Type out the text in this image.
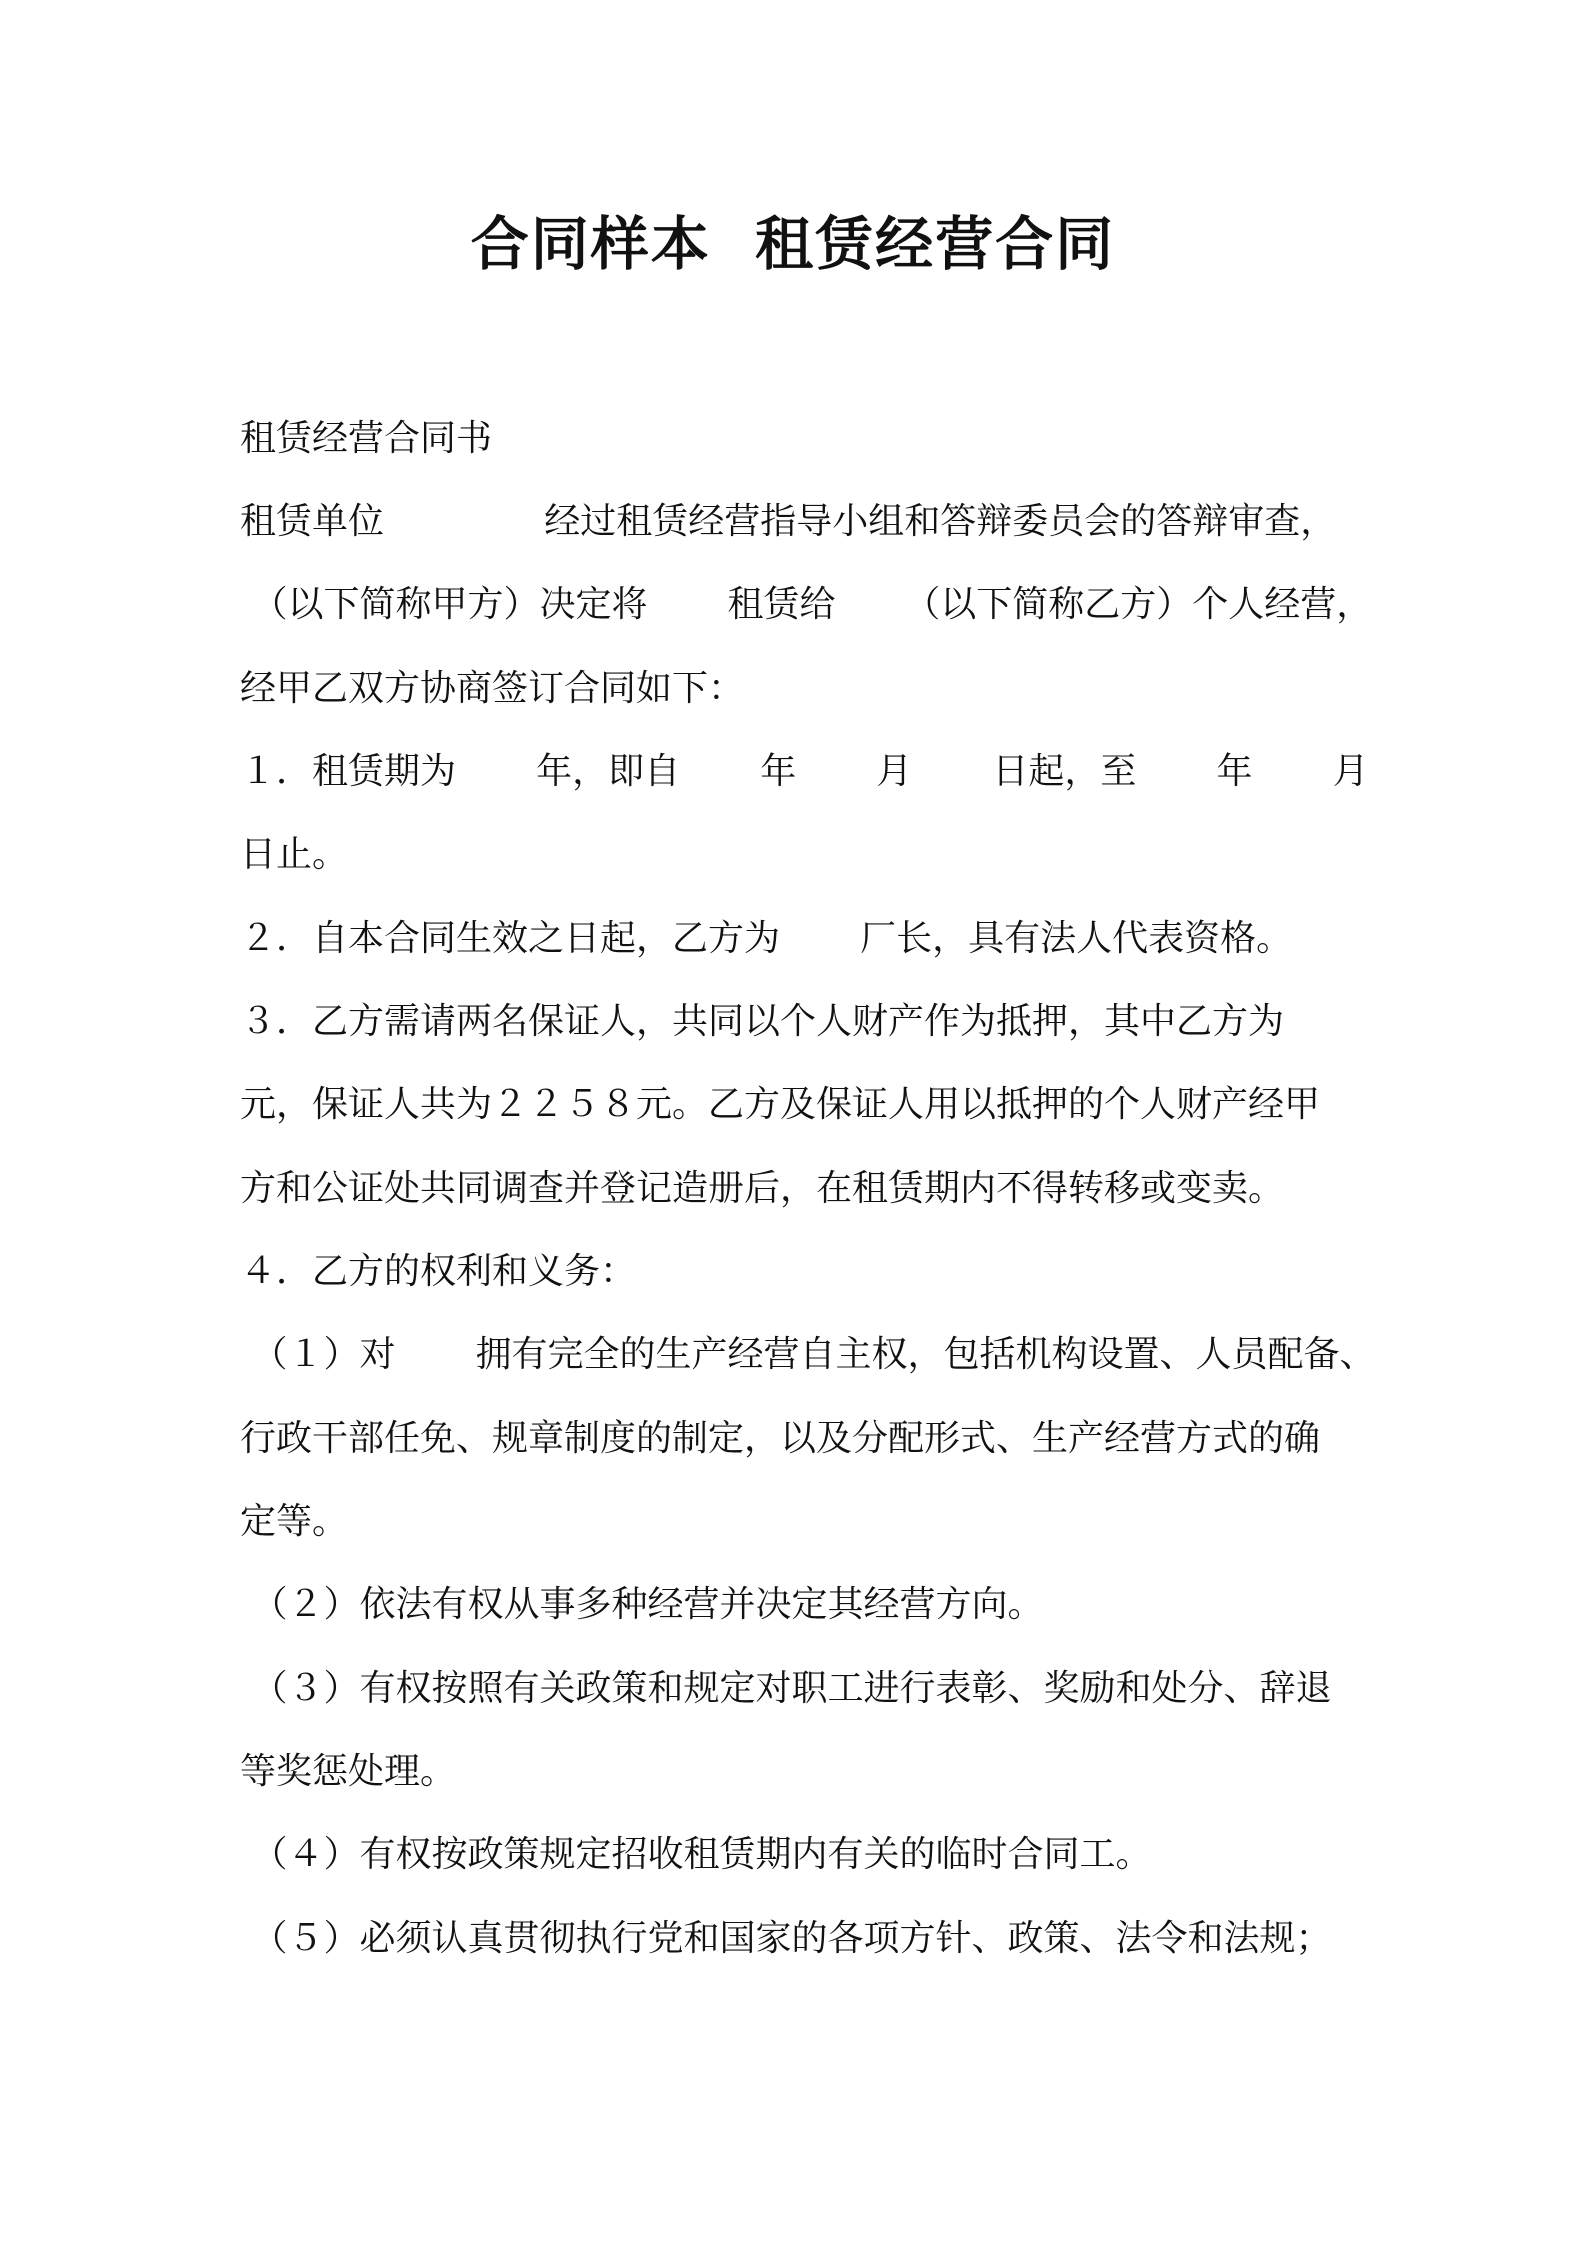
合同样本  租赁经营合同
租赁经营合同书
租赁单位              经过租赁经营指导小组和答辩委员会的答辩审查，
（以下简称甲方）决定将       租赁给      （以下简称乙方）个人经营，
经甲乙双方协商签订合同如下：
１．租赁期为       年，即自       年       月       日起，至       年       月
日止。
２．自本合同生效之日起，乙方为       厂长，具有法人代表资格。
３．乙方需请两名保证人，共同以个人财产作为抵押，其中乙方为
元，保证人共为２２５８元。乙方及保证人用以抵押的个人财产经甲
方和公证处共同调查并登记造册后，在租赁期内不得转移或变卖。
４．乙方的权利和义务：
（１）对       拥有完全的生产经营自主权，包括机构设置、人员配备、
行政干部任免、规章制度的制定，以及分配形式、生产经营方式的确
定等。
（２）依法有权从事多种经营并决定其经营方向。
（３）有权按照有关政策和规定对职工进行表彰、奖励和处分、辞退
等奖惩处理。
（４）有权按政策规定招收租赁期内有关的临时合同工。
（５）必须认真贯彻执行党和国家的各项方针、政策、法令和法规；
